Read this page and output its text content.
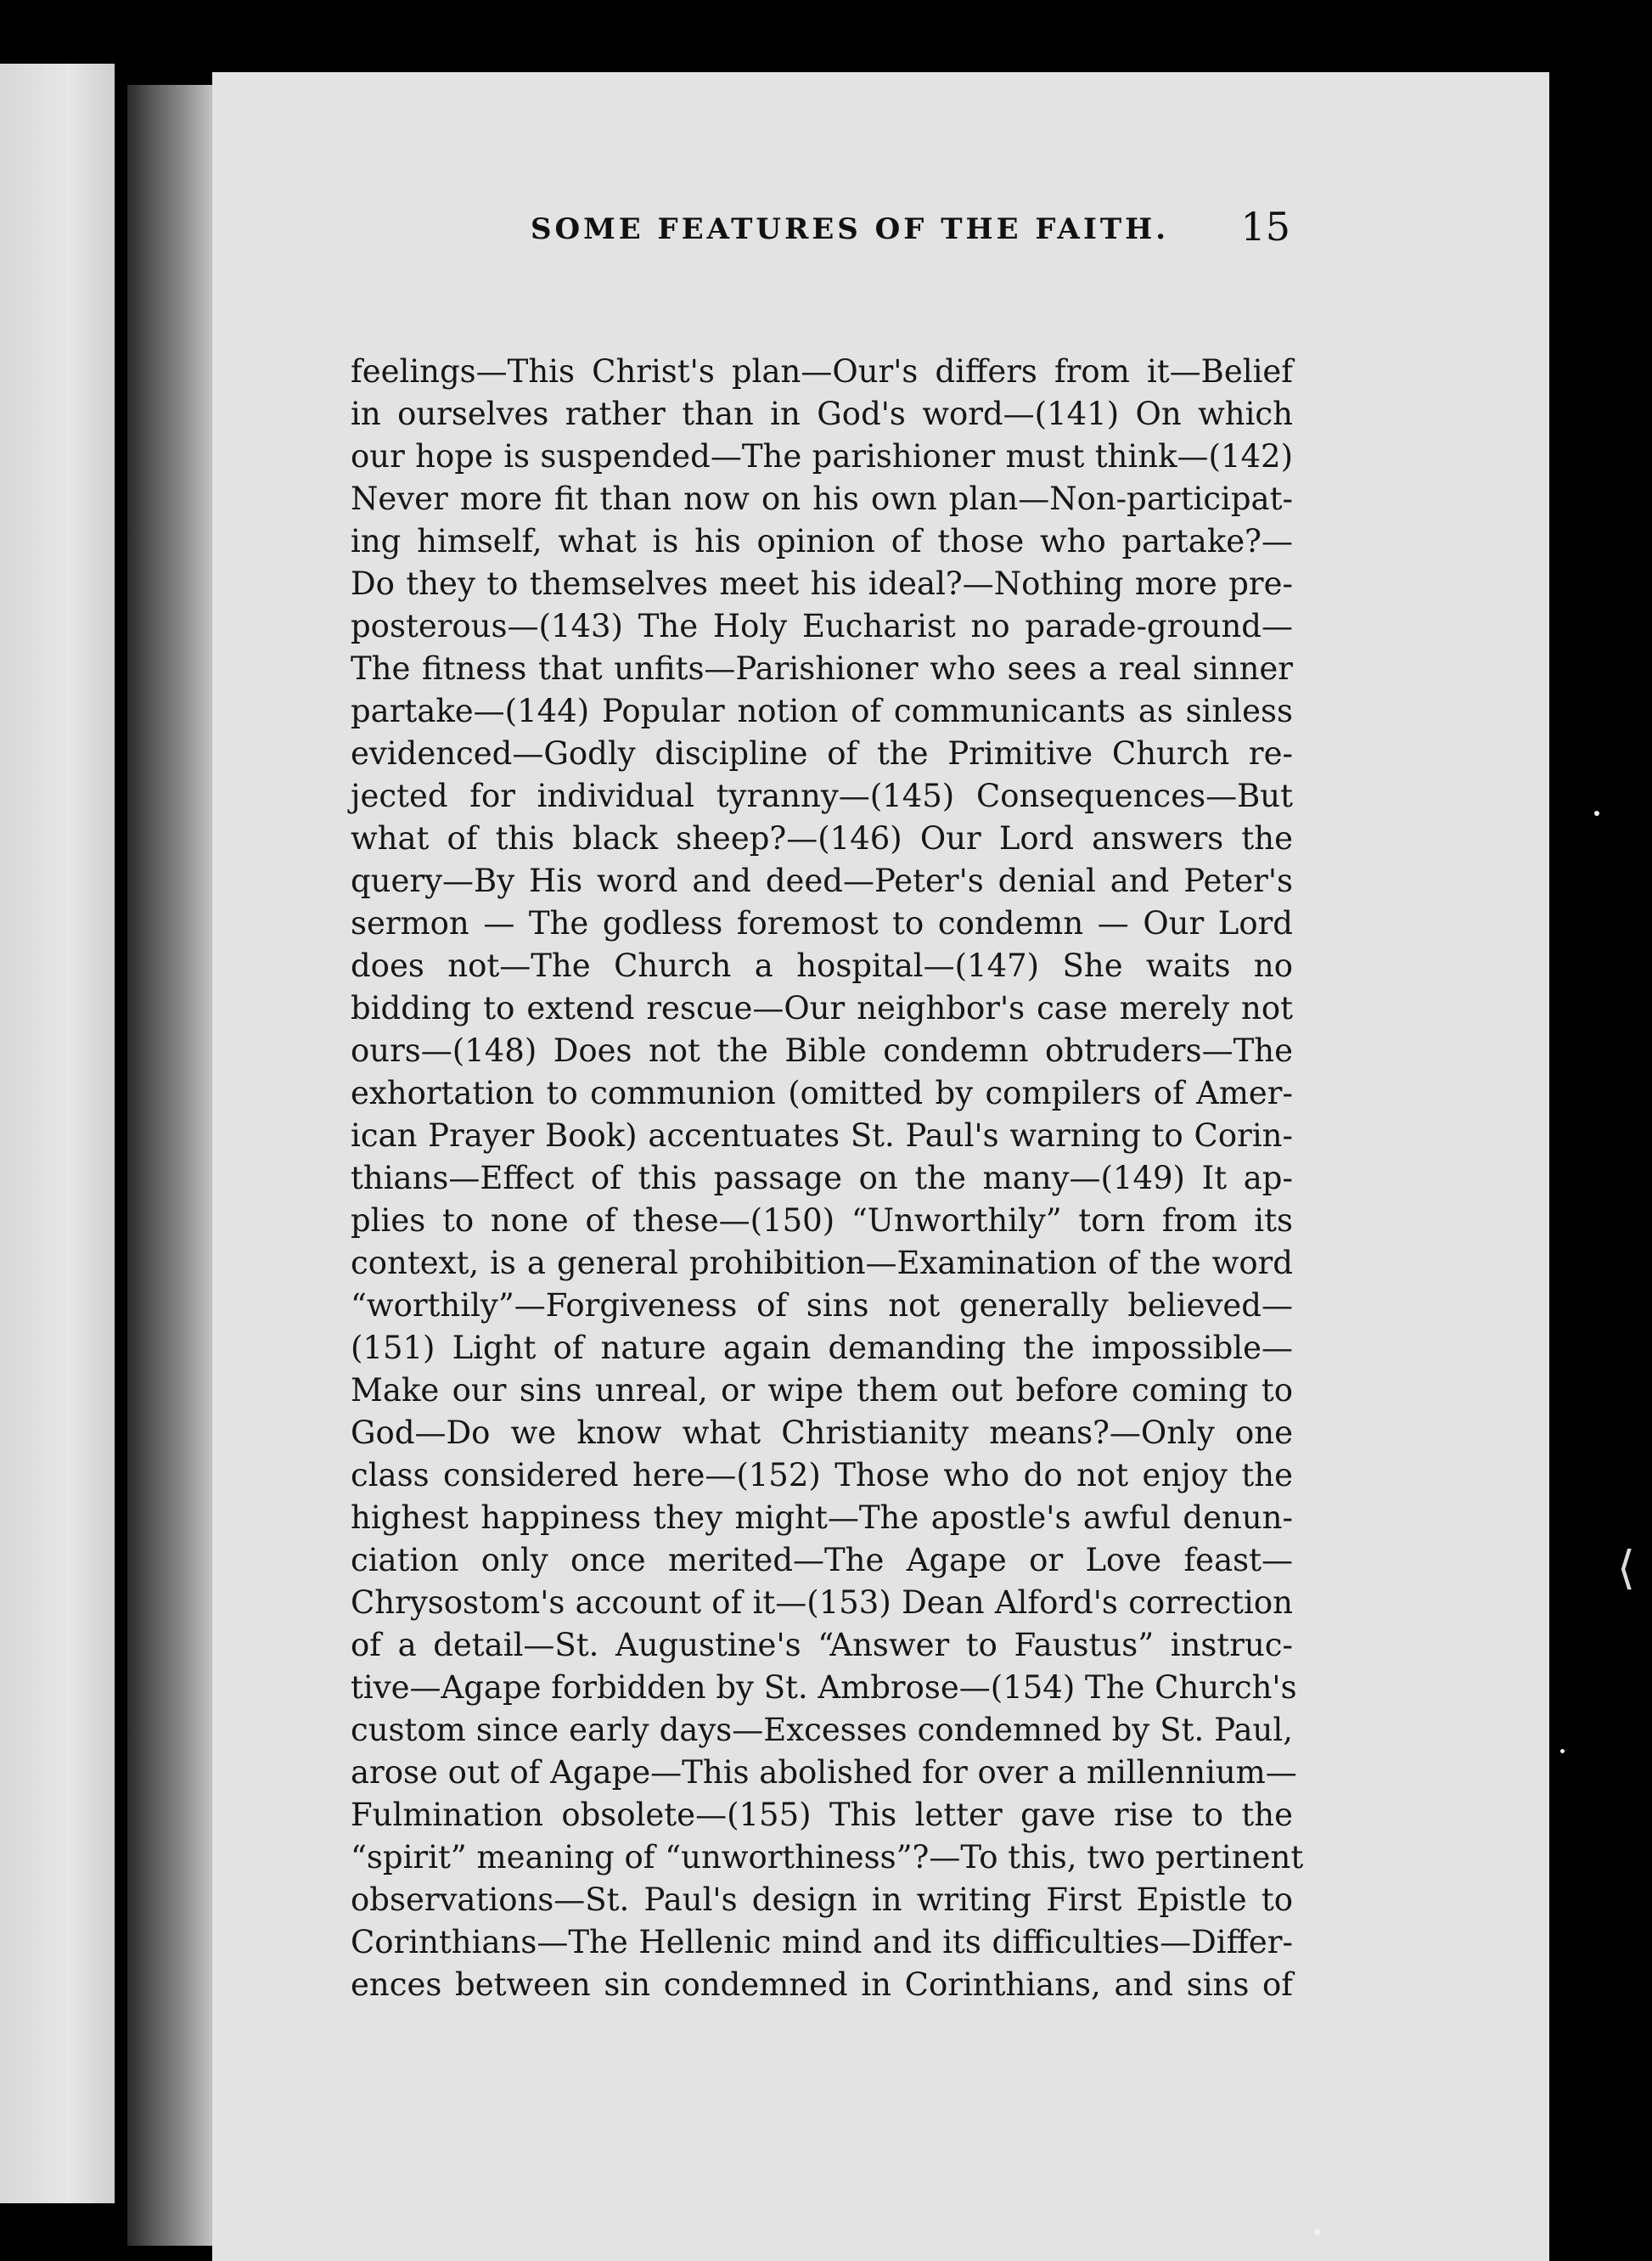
SOME FEATURES OF THE FAITH. 15
feelings—This Christ's plan—Our's differs from it—Belief
in ourselves rather than in God's word—(141) On which
our hope is suspended—The parishioner must think—(142)
Never more fit than now on his own plan—Non-participat-
ing himself, what is his opinion of those who partake?—
Do they to themselves meet his ideal?—Nothing more pre-
posterous—(143) The Holy Eucharist no parade-ground—
The fitness that unfits—Parishioner who sees a real sinner
partake—(144) Popular notion of communicants as sinless
evidenced—Godly discipline of the Primitive Church re-
jected for individual tyranny—(145) Consequences—But
what of this black sheep?—(146) Our Lord answers the
query—By His word and deed—Peter's denial and Peter's
sermon — The godless foremost to condemn — Our Lord
does not—The Church a hospital—(147) She waits no
bidding to extend rescue—Our neighbor's case merely not
ours—(148) Does not the Bible condemn obtruders—The
exhortation to communion (omitted by compilers of Amer-
ican Prayer Book) accentuates St. Paul's warning to Corin-
thians—Effect of this passage on the many—(149) It ap-
plies to none of these—(150) “Unworthily” torn from its
context, is a general prohibition—Examination of the word
“worthily”—Forgiveness of sins not generally believed—
(151) Light of nature again demanding the impossible—
Make our sins unreal, or wipe them out before coming to
God—Do we know what Christianity means?—Only one
class considered here—(152) Those who do not enjoy the
highest happiness they might—The apostle's awful denun-
ciation only once merited—The Agape or Love feast—
Chrysostom's account of it—(153) Dean Alford's correction
of a detail—St. Augustine's “Answer to Faustus” instruc-
tive—Agape forbidden by St. Ambrose—(154) The Church's
custom since early days—Excesses condemned by St. Paul,
arose out of Agape—This abolished for over a millennium—
Fulmination obsolete—(155) This letter gave rise to the
“spirit” meaning of “unworthiness”?—To this, two pertinent
observations—St. Paul's design in writing First Epistle to
Corinthians—The Hellenic mind and its difficulties—Differ-
ences between sin condemned in Corinthians, and sins of
⟨
